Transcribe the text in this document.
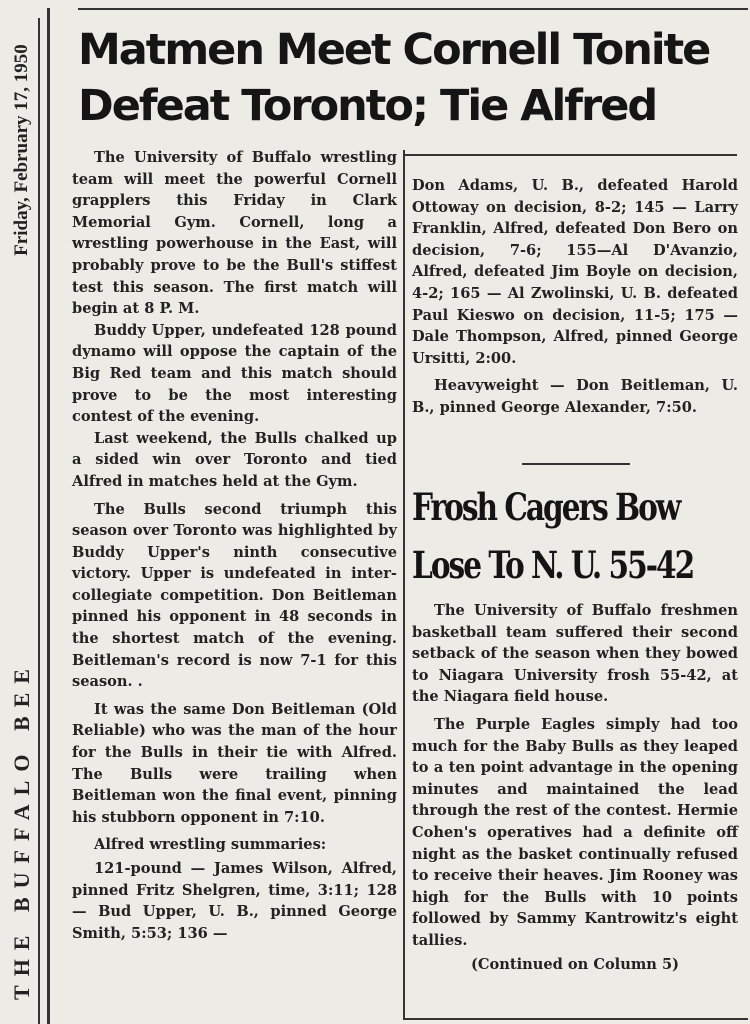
Friday, February 17, 1950
THE BUFFALO BEE
Matmen Meet Cornell Tonite
Defeat Toronto; Tie Alfred

The University of Buffalo wrestling team will meet the powerful Cornell grapplers this Friday in Clark Memorial Gym. Cornell, long a wrestling powerhouse in the East, will probably prove to be the Bull's stiffest test this season. The first match will begin at 8 P. M.

Buddy Upper, undefeated 128 pound dynamo will oppose the captain of the Big Red team and this match should prove to be the most interesting contest of the evening.

Last weekend, the Bulls chalked up a sided win over Toronto and tied Alfred in matches held at the Gym.

The Bulls second triumph this season over Toronto was highlighted by Buddy Upper's ninth consecutive victory. Upper is undefeated in inter-collegiate competition. Don Beitleman pinned his opponent in 48 seconds in the shortest match of the evening. Beitleman's record is now 7-1 for this season. .

It was the same Don Beitleman (Old Reliable) who was the man of the hour for the Bulls in their tie with Alfred. The Bulls were trailing when Beitleman won the final event, pinning his stubborn opponent in 7:10.

Alfred wrestling summaries:

121-pound — James Wilson, Alfred, pinned Fritz Shelgren, time, 3:11; 128 — Bud Upper, U. B., pinned George Smith, 5:53; 136 —

Don Adams, U. B., defeated Harold Ottoway on decision, 8-2; 145 — Larry Franklin, Alfred, defeated Don Bero on decision, 7-6; 155—Al D'Avanzio, Alfred, defeated Jim Boyle on decision, 4-2; 165 — Al Zwolinski, U. B. defeated Paul Kieswo on decision, 11-5; 175 — Dale Thompson, Alfred, pinned George Ursitti, 2:00.

Heavyweight — Don Beitleman, U. B., pinned George Alexander, 7:50.

Frosh Cagers Bow
Lose To N. U. 55-42

The University of Buffalo freshmen basketball team suffered their second setback of the season when they bowed to Niagara University frosh 55-42, at the Niagara field house.

The Purple Eagles simply had too much for the Baby Bulls as they leaped to a ten point advantage in the opening minutes and maintained the lead through the rest of the contest. Hermie Cohen's operatives had a definite off night as the basket continually refused to receive their heaves. Jim Rooney was high for the Bulls with 10 points followed by Sammy Kantrowitz's eight tallies.

(Continued on Column 5)
